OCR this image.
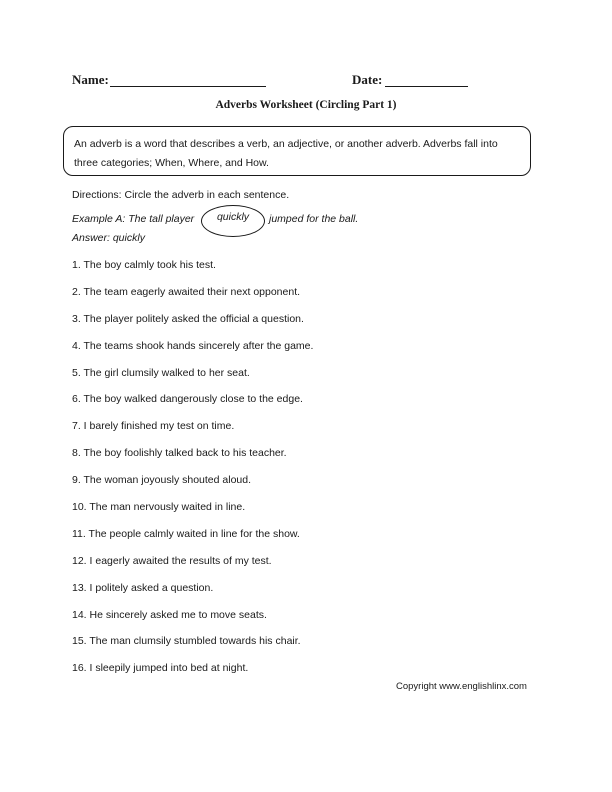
Name:	Date:
Adverbs Worksheet (Circling Part 1)
An adverb is a word that describes a verb, an adjective, or another adverb. Adverbs fall into three categories; When, Where, and How.
Directions: Circle the adverb in each sentence.
Example A: The tall player	quickly	jumped for the ball.
Answer: quickly
1. The boy calmly took his test.
2. The team eagerly awaited their next opponent.
3. The player politely asked the official a question.
4. The teams shook hands sincerely after the game.
5. The girl clumsily walked to her seat.
6. The boy walked dangerously close to the edge.
7. I barely finished my test on time.
8. The boy foolishly talked back to his teacher.
9. The woman joyously shouted aloud.
10. The man nervously waited in line.
11. The people calmly waited in line for the show.
12. I eagerly awaited the results of my test.
13. I politely asked a question.
14. He sincerely asked me to move seats.
15. The man clumsily stumbled towards his chair.
16. I sleepily jumped into bed at night.
Copyright www.englishlinx.com
